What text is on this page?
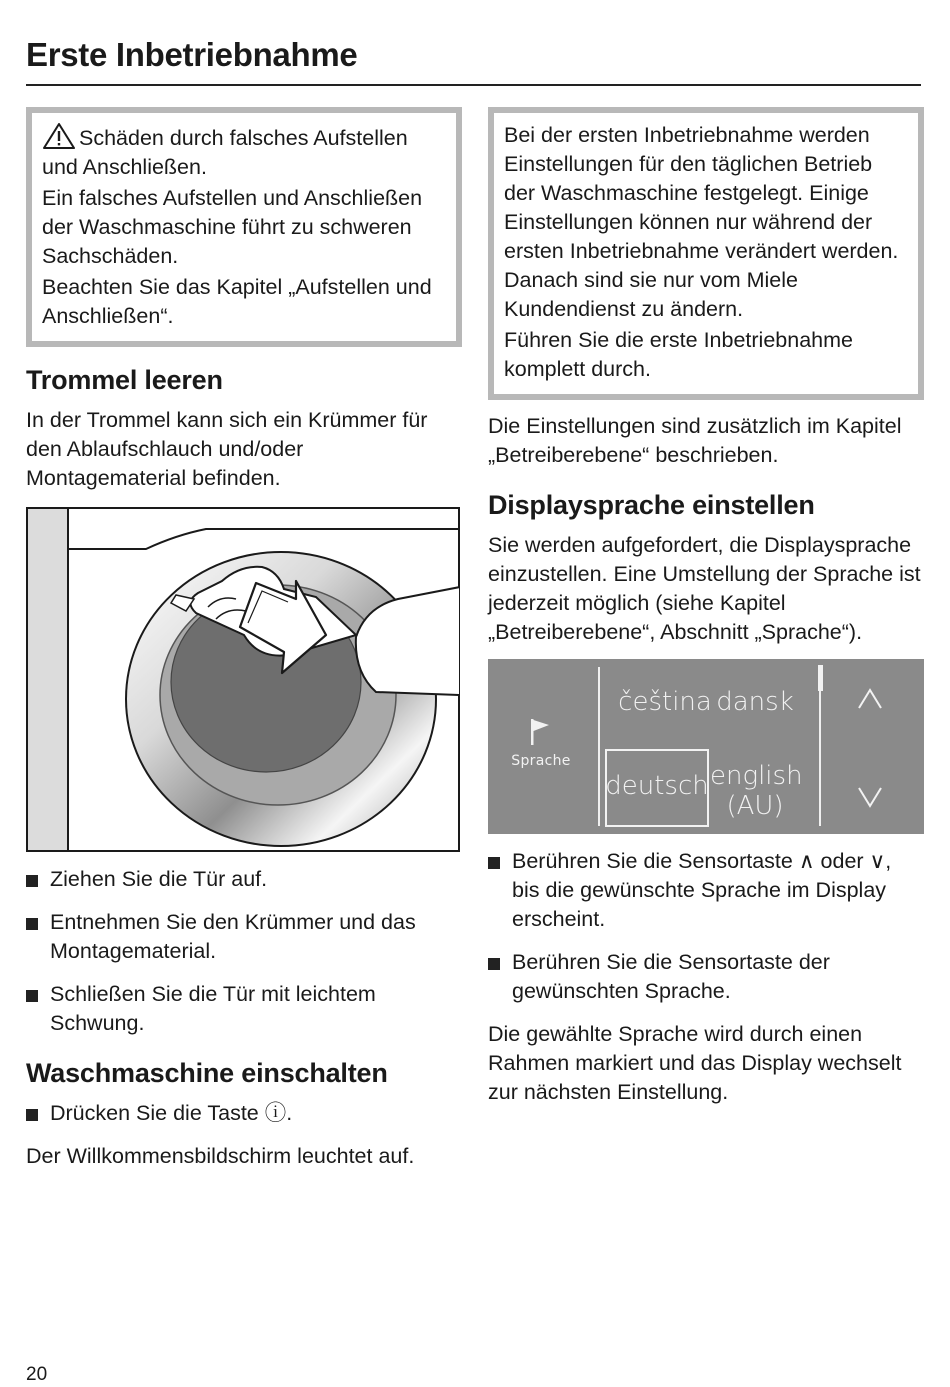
Erste Inbetriebnahme

Schäden durch falsches Aufstellen und Anschließen.

Ein falsches Aufstellen und Anschließen der Waschmaschine führt zu schweren Sachschäden.

Beachten Sie das Kapitel „Aufstellen und Anschließen“.

Trommel leeren

In der Trommel kann sich ein Krümmer für den Ablaufschlauch und/oder Montagematerial befinden.

Ziehen Sie die Tür auf.
Entnehmen Sie den Krümmer und das Montagematerial.
Schließen Sie die Tür mit leichtem Schwung.
Waschmaschine einschalten
Drücken Sie die Taste ⓘ.

Der Willkommensbildschirm leuchtet auf.

Bei der ersten Inbetriebnahme werden Einstellungen für den täglichen Betrieb der Waschmaschine festgelegt. Einige Einstellungen können nur während der ersten Inbetriebnahme verändert werden. Danach sind sie nur vom Miele Kundendienst zu ändern.

Führen Sie die erste Inbetriebnahme komplett durch.

Die Einstellungen sind zusätzlich im Kapitel „Betreiberebene“ beschrieben.

Displaysprache einstellen

Sie werden aufgefordert, die Displaysprache einzustellen. Eine Umstellung der Sprache ist jederzeit möglich (siehe Kapitel „Betreiberebene“, Abschnitt „Sprache“).

Sprache
čeština dansk
deutsch english
(AU)
Berühren Sie die Sensortaste ∧ oder ∨, bis die gewünschte Sprache im Display erscheint.
Berühren Sie die Sensortaste der gewünschten Sprache.

Die gewählte Sprache wird durch einen Rahmen markiert und das Display wechselt zur nächsten Einstellung.

20
